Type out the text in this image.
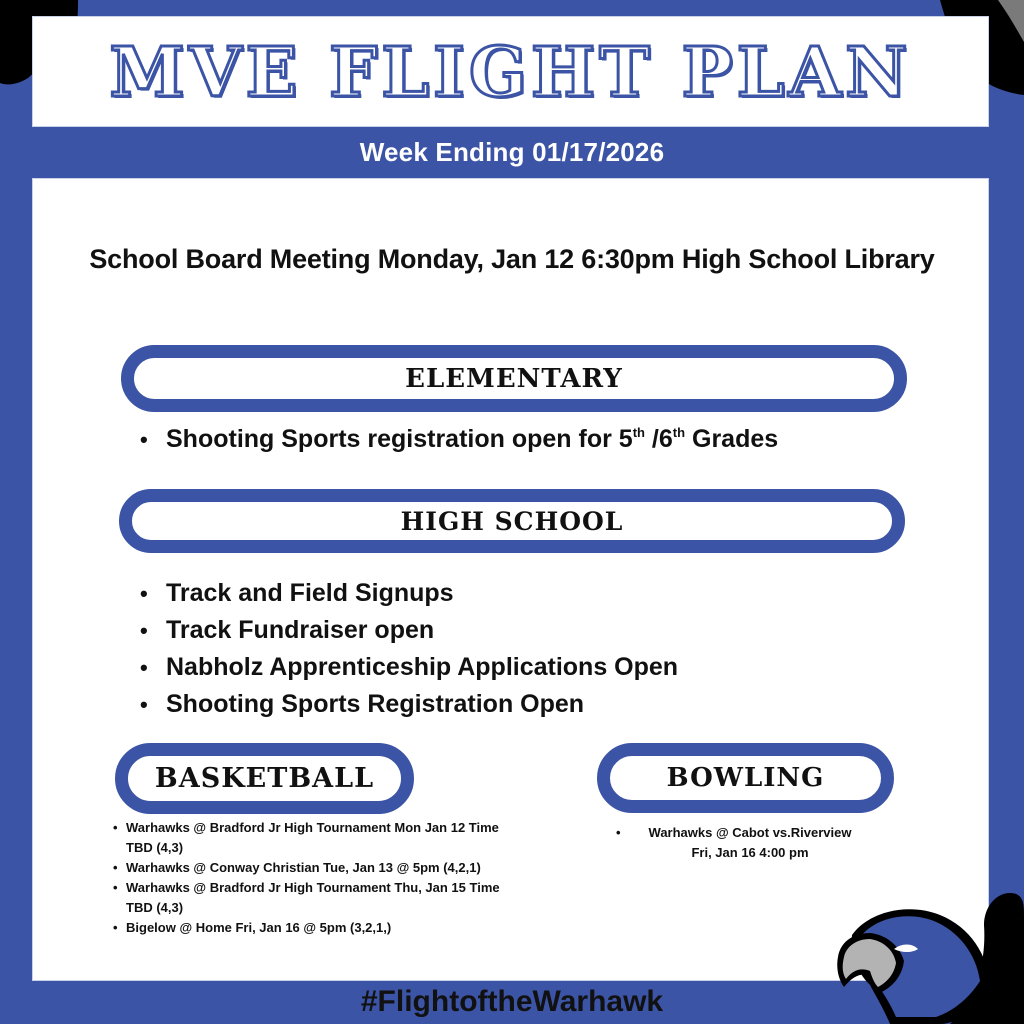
MVE FLIGHT PLAN
Week Ending 01/17/2026
School Board Meeting Monday, Jan 12 6:30pm High School Library
ELEMENTARY
• Shooting Sports registration open for 5th /6th Grades
HIGH SCHOOL
• Track and Field Signups
• Track Fundraiser open
• Nabholz Apprenticeship Applications Open
• Shooting Sports Registration Open
BASKETBALL
• Warhawks @ Bradford Jr High Tournament Mon Jan 12 Time TBD (4,3)
• Warhawks @ Conway Christian Tue, Jan 13 @ 5pm (4,2,1)
• Warhawks @ Bradford Jr High Tournament Thu, Jan 15 Time TBD (4,3)
• Bigelow @ Home Fri, Jan 16 @ 5pm (3,2,1,)
BOWLING
•	Warhawks @ Cabot vs.Riverview
Fri, Jan 16 4:00 pm
#FlightoftheWarhawk
